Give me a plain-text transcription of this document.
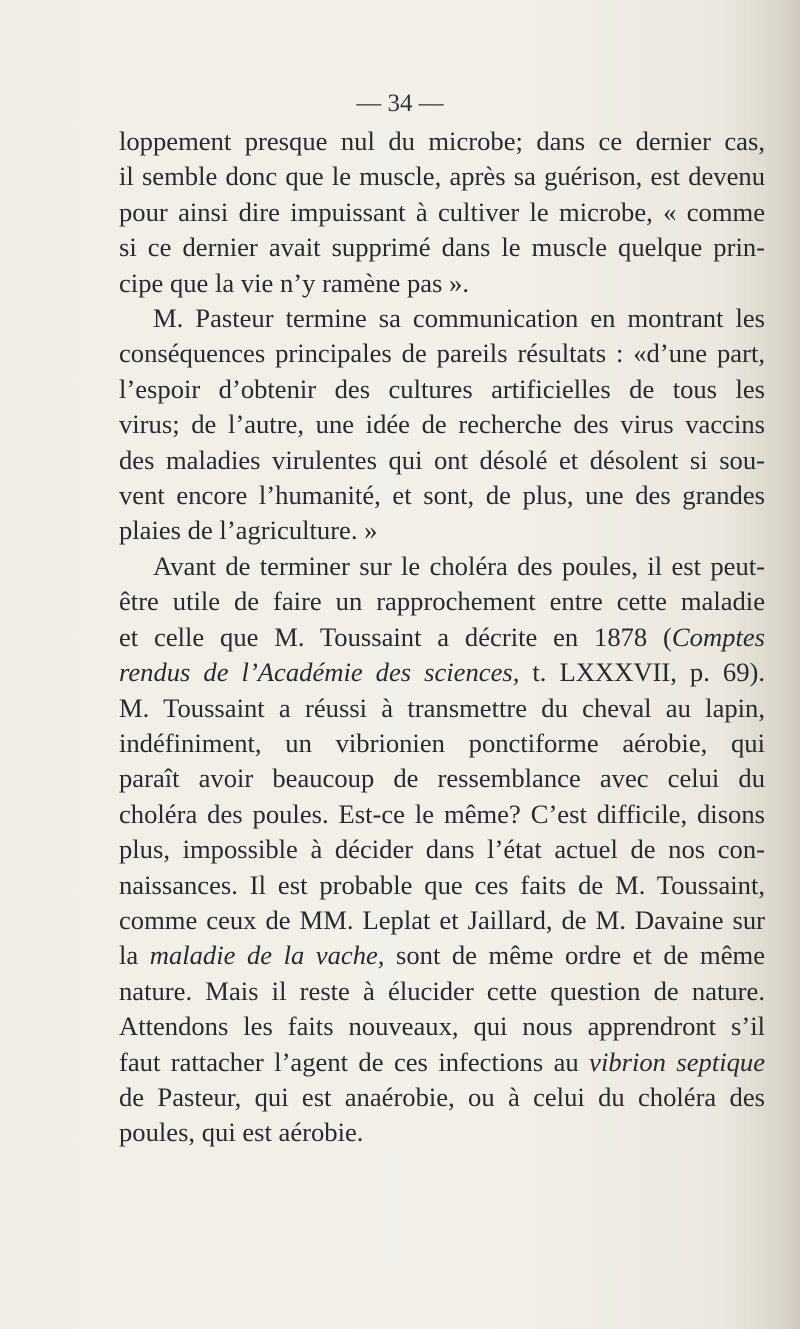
— 34 —
loppement presque nul du microbe; dans ce dernier cas,
il semble donc que le muscle, après sa guérison, est devenu
pour ainsi dire impuissant à cultiver le microbe, « comme
si ce dernier avait supprimé dans le muscle quelque prin-
cipe que la vie n’y ramène pas ».
M. Pasteur termine sa communication en montrant les
conséquences principales de pareils résultats : «d’une part,
l’espoir d’obtenir des cultures artificielles de tous les
virus; de l’autre, une idée de recherche des virus vaccins
des maladies virulentes qui ont désolé et désolent si sou-
vent encore l’humanité, et sont, de plus, une des grandes
plaies de l’agriculture. »
Avant de terminer sur le choléra des poules, il est peut-
être utile de faire un rapprochement entre cette maladie
et celle que M. Toussaint a décrite en 1878 (Comptes
rendus de l’Académie des sciences, t. LXXXVII, p. 69).
M. Toussaint a réussi à transmettre du cheval au lapin,
indéfiniment, un vibrionien ponctiforme aérobie, qui
paraît avoir beaucoup de ressemblance avec celui du
choléra des poules. Est-ce le même? C’est difficile, disons
plus, impossible à décider dans l’état actuel de nos con-
naissances. Il est probable que ces faits de M. Toussaint,
comme ceux de MM. Leplat et Jaillard, de M. Davaine sur
la maladie de la vache, sont de même ordre et de même
nature. Mais il reste à élucider cette question de nature.
Attendons les faits nouveaux, qui nous apprendront s’il
faut rattacher l’agent de ces infections au vibrion septique
de Pasteur, qui est anaérobie, ou à celui du choléra des
poules, qui est aérobie.
